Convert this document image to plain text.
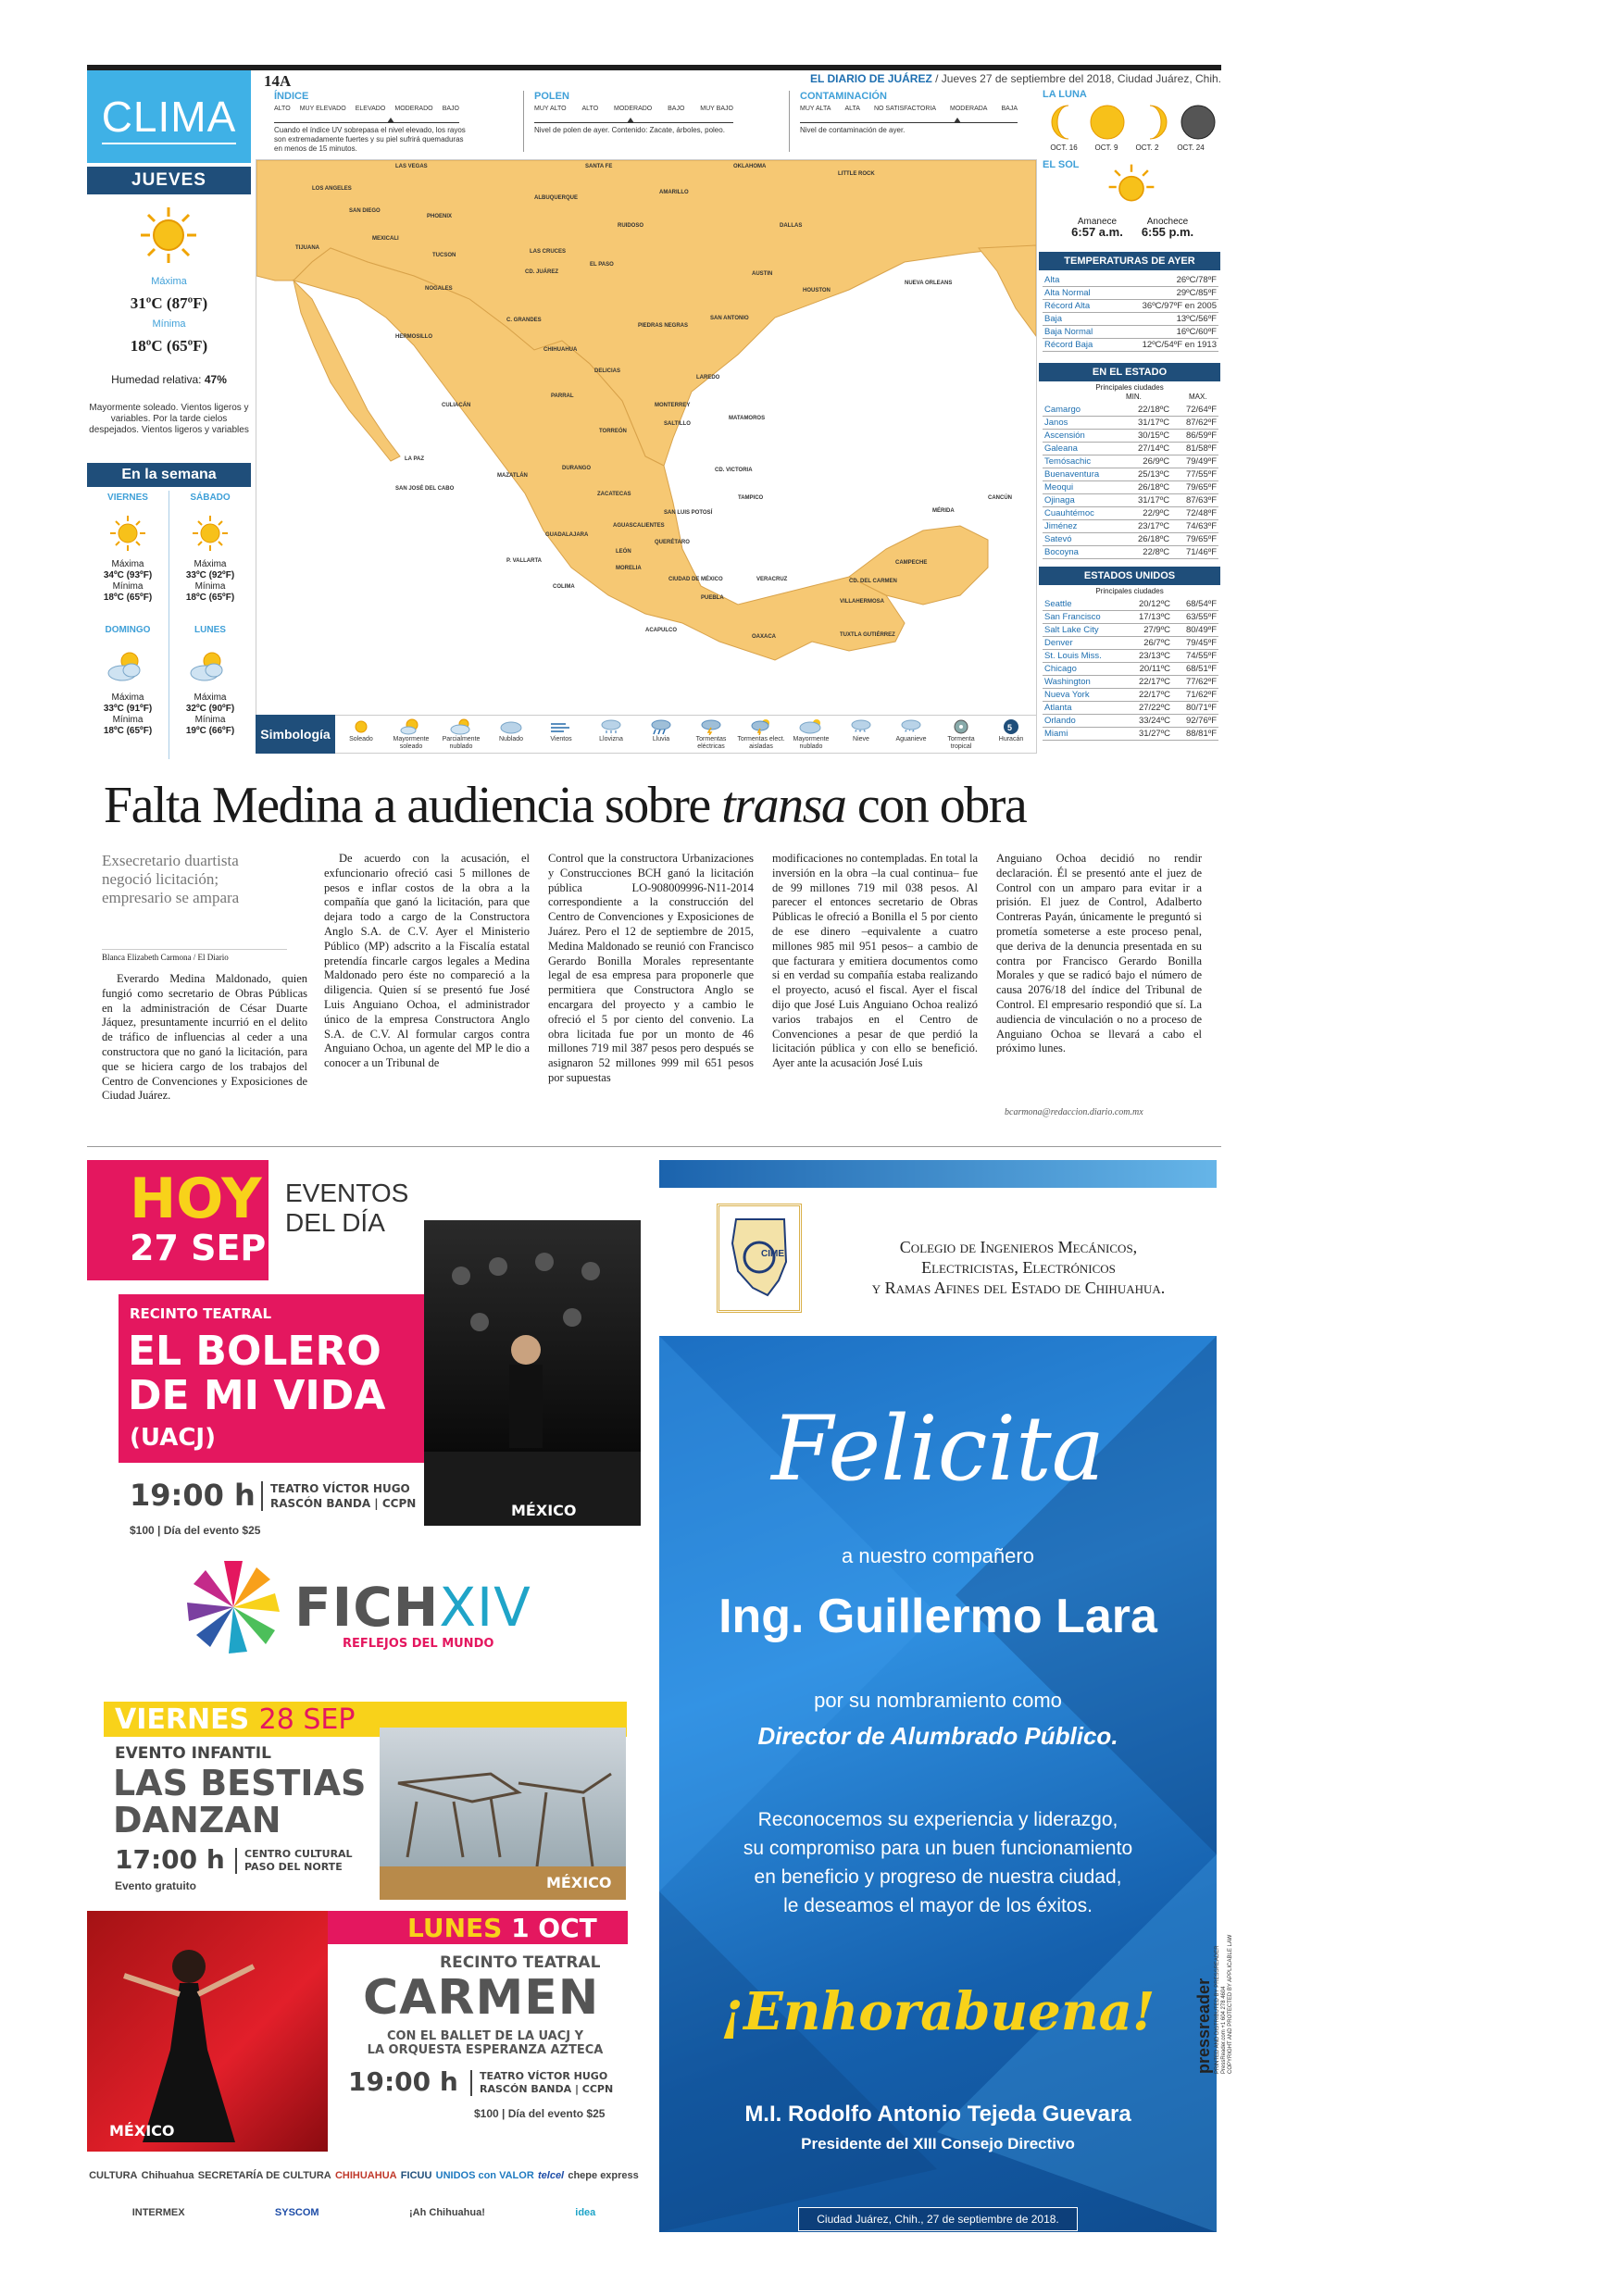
14A	EL DIARIO DE JUÁREZ / Jueves 27 de septiembre del 2018, Ciudad Juárez, Chih.
CLIMA
JUEVES
Máxima
31ºC (87ºF)
Mínima
18ºC (65ºF)
Humedad relativa: 47%
Mayormente soleado. Vientos ligeros y variables. Por la tarde cielos despejados. Vientos ligeros y variables
En la semana
VIERNES	SÁBADO
Máxima
34ºC (93ºF)
Mínima
18ºC (65ºF)
Máxima
33ºC (92ºF)
Mínima
18ºC (65ºF)
DOMINGO	LUNES
Máxima
33ºC (91ºF)
Mínima
18ºC (65ºF)
Máxima
32ºC (90ºF)
Mínima
19ºC (66ºF)
ÍNDICE
ALTO MUY ELEVADO ELEVADO MODERADO BAJO
Cuando el índice UV sobrepasa el nivel elevado, los rayos son extremadamente fuertes y su piel sufrirá quemaduras en menos de 15 minutos.
POLEN
MUY ALTO ALTO MODERADO BAJO MUY BAJO
Nivel de polen de ayer. Contenido: Zacate, árboles, poleo.
CONTAMINACIÓN
MUY ALTA ALTA NO SATISFACTORIA MODERADA BAJA
Nivel de contaminación de ayer.
LAS VEGAS
LOS ANGELES
SAN DIEGO
TIJUANA
MEXICALI
PHOENIX
TUCSON
NOGALES
HERMOSILLO
ALBUQUERQUE
SANTA FE
AMARILLO
OKLAHOMA
LITTLE ROCK
LAS CRUCES
CD. JUÁREZ
EL PASO
RUIDOSO	DALLAS
AUSTIN
HOUSTON
NUEVA ORLEANS
SAN ANTONIO
PIEDRAS NEGRAS
C. GRANDES
CHIHUAHUA
DELICIAS
LAREDO
PARRAL
CULIACÁN	MONTERREY
SALTILLO
TORREÓN
MATAMOROS
DURANGO
LA PAZ
SAN JOSÉ DEL CABO
MAZATLÁN
ZACATECAS
CD. VICTORIA
TAMPICO
SAN LUIS POTOSÍ
AGUASCALIENTES
GUADALAJARA
P. VALLARTA
COLIMA
MORELIA
CIUDAD DE MÉXICO	VERACRUZ
ACAPULCO
OAXACA
VILLAHERMOSA
CAMPECHE
MÉRIDA
CANCÚN
TUXTLA GUTIÉRREZ
CD. DEL CARMEN
LEÓN
QUERÉTARO
PUEBLA
Simbología	Soleado	Mayormente soleado
Parcialmente nublado
Nublado	Vientos	Llovizna	Lluvia	Tormentas eléctricas
Tormentas elect. aisladas
Mayormente nublado
* * *
Nieve
* ' *
Aguanieve	Tormenta tropical
5
Huracán
LA LUNA
OCT. 16	OCT. 9	OCT. 2	OCT. 24
EL SOL
Amanece
6:57 a.m.
Anochece
6:55 p.m.
TEMPERATURAS DE AYER
Alta	26ºC/78ºF
Alta Normal	29ºC/85ºF
Récord Alta	36ºC/97ºF en 2005
Baja	13ºC/56ºF
Baja Normal	16ºC/60ºF
Récord Baja	12ºC/54ºF en 1913
EN EL ESTADO
Principales ciudades
MIN.	MAX.
Camargo	22/18ºC	72/64ºF
Janos	31/17ºC	87/62ºF
Ascensión	30/15ºC	86/59ºF
Galeana	27/14ºC	81/58ºF
Temósachic	26/9ºC	79/49ºF
Buenaventura	25/13ºC	77/55ºF
Meoqui	26/18ºC	79/65ºF
Ojinaga	31/17ºC	87/63ºF
Cuauhtémoc	22/9ºC	72/48ºF
Jiménez	23/17ºC	74/63ºF
Satevó	26/18ºC	79/65ºF
Bocoyna	22/8ºC	71/46ºF
ESTADOS UNIDOS
Principales ciudades
Seattle	20/12ºC	68/54ºF
San Francisco	17/13ºC	63/55ºF
Salt Lake City	27/9ºC	80/49ºF
Denver	26/7ºC	79/45ºF
St. Louis Miss.	23/13ºC	74/55ºF
Chicago	20/11ºC	68/51ºF
Washington	22/17ºC	77/62ºF
Nueva York	22/17ºC	71/62ºF
Atlanta	27/22ºC	80/71ºF
Orlando	33/24ºC	92/76ºF
Miami	31/27ºC	88/81ºF
Falta Medina a audiencia sobre transa con obra
Exsecretario duartista negoció licitación; empresario se ampara
Blanca Elizabeth Carmona / El Diario
Everardo Medina Maldonado, quien fungió como secretario de Obras Públicas en la administración de César Duarte Jáquez, presuntamente incurrió en el delito de tráfico de influencias al ceder a una constructora que no ganó la licitación, para que se hiciera cargo de los trabajos del Centro de Convenciones y Exposiciones de Ciudad Juárez.
De acuerdo con la acusación, el exfuncionario ofreció casi 5 millones de pesos e inflar costos de la obra a la compañía que ganó la licitación, para que dejara todo a cargo de la Constructora Anglo S.A. de C.V. Ayer el Ministerio Público (MP) adscrito a la Fiscalía estatal pretendía fincarle cargos legales a Medina Maldonado pero éste no compareció a la diligencia. Quien sí se presentó fue José Luis Anguiano Ochoa, el administrador único de la empresa Constructora Anglo S.A. de C.V. Al formular cargos contra Anguiano Ochoa, un agente del MP le dio a conocer a un Tribunal de
Control que la constructora Urbanizaciones y Construcciones BCH ganó la licitación pública LO-908009996-N11-2014 correspondiente a la construcción del Centro de Convenciones y Exposiciones de Juárez. Pero el 12 de septiembre de 2015, Medina Maldonado se reunió con Francisco Gerardo Bonilla Morales representante legal de esa empresa para proponerle que permitiera que Constructora Anglo se encargara del proyecto y a cambio le ofreció el 5 por ciento del convenio. La obra licitada fue por un monto de 46 millones 719 mil 387 pesos pero después se asignaron 52 millones 999 mil 651 pesos por supuestas
modificaciones no contempladas. En total la inversión en la obra –la cual continua– fue de 99 millones 719 mil 038 pesos. Al parecer el entonces secretario de Obras Públicas le ofreció a Bonilla el 5 por ciento de ese dinero –equivalente a cuatro millones 985 mil 951 pesos– a cambio de que facturara y emitiera documentos como si en verdad su compañía estaba realizando el proyecto, acusó el fiscal. Ayer el fiscal dijo que José Luis Anguiano Ochoa realizó varios trabajos en el Centro de Convenciones a pesar de que perdió la licitación pública y con ello se benefició. Ayer ante la acusación José Luis
Anguiano Ochoa decidió no rendir declaración. Él se presentó ante el juez de Control con un amparo para evitar ir a prisión. El juez de Control, Adalberto Contreras Payán, únicamente le preguntó si prometía someterse a este proceso penal, que deriva de la denuncia presentada en su contra por Francisco Gerardo Bonilla Morales y que se radicó bajo el número de causa 2076/18 del índice del Tribunal de Control. El empresario respondió que sí. La audiencia de vinculación o no a proceso de Anguiano Ochoa se llevará a cabo el próximo lunes.
bcarmona@redaccion.diario.com.mx
HOY
27 SEP
EVENTOS
DEL DÍA
RECINTO TEATRAL
EL BOLERO
DE MI VIDA
(UACJ)
19:00 h TEATRO VÍCTOR HUGO
RASCÓN BANDA | CCPN
$100 | Día del evento $25
MÉXICO
FICHXIV
REFLEJOS DEL MUNDO
VIERNES 28 SEP
EVENTO INFANTIL
LAS BESTIAS
DANZAN
17:00 h CENTRO CULTURAL
PASO DEL NORTE
Evento gratuito	MÉXICO
LUNES 1 OCT
RECINTO TEATRAL
CARMEN
CON EL BALLET DE LA UACJ Y
LA ORQUESTA ESPERANZA AZTECA
19:00 h TEATRO VÍCTOR HUGO
RASCÓN BANDA | CCPN
$100 | Día del evento $25
MÉXICO
CULTURA Chihuahua SECRETARÍA DE CULTURA CHIHUAHUA FICUU UNIDOS con VALOR telcel chepe express
INTERMEX	SYSCOM	¡Ah Chihuahua!	idea
CIME	Colegio de Ingenieros Mecánicos,
Electricistas, Electrónicos
y Ramas Afines del Estado de Chihuahua.
Felicita
a nuestro compañero
Ing. Guillermo Lara
por su nombramiento como
Director de Alumbrado Público.
Reconocemos su experiencia y liderazgo,
su compromiso para un buen funcionamiento
en beneficio y progreso de nuestra ciudad,
le deseamos el mayor de los éxitos.
¡Enhorabuena!
M.I. Rodolfo Antonio Tejeda Guevara
Presidente del XIII Consejo Directivo
Ciudad Juárez, Chih., 27 de septiembre de 2018.
pressreader PRINTED AND DISTRIBUTED BY PRESSREADER PressReader.com +1 604 278 4604 COPYRIGHT AND PROTECTED BY APPLICABLE LAW
